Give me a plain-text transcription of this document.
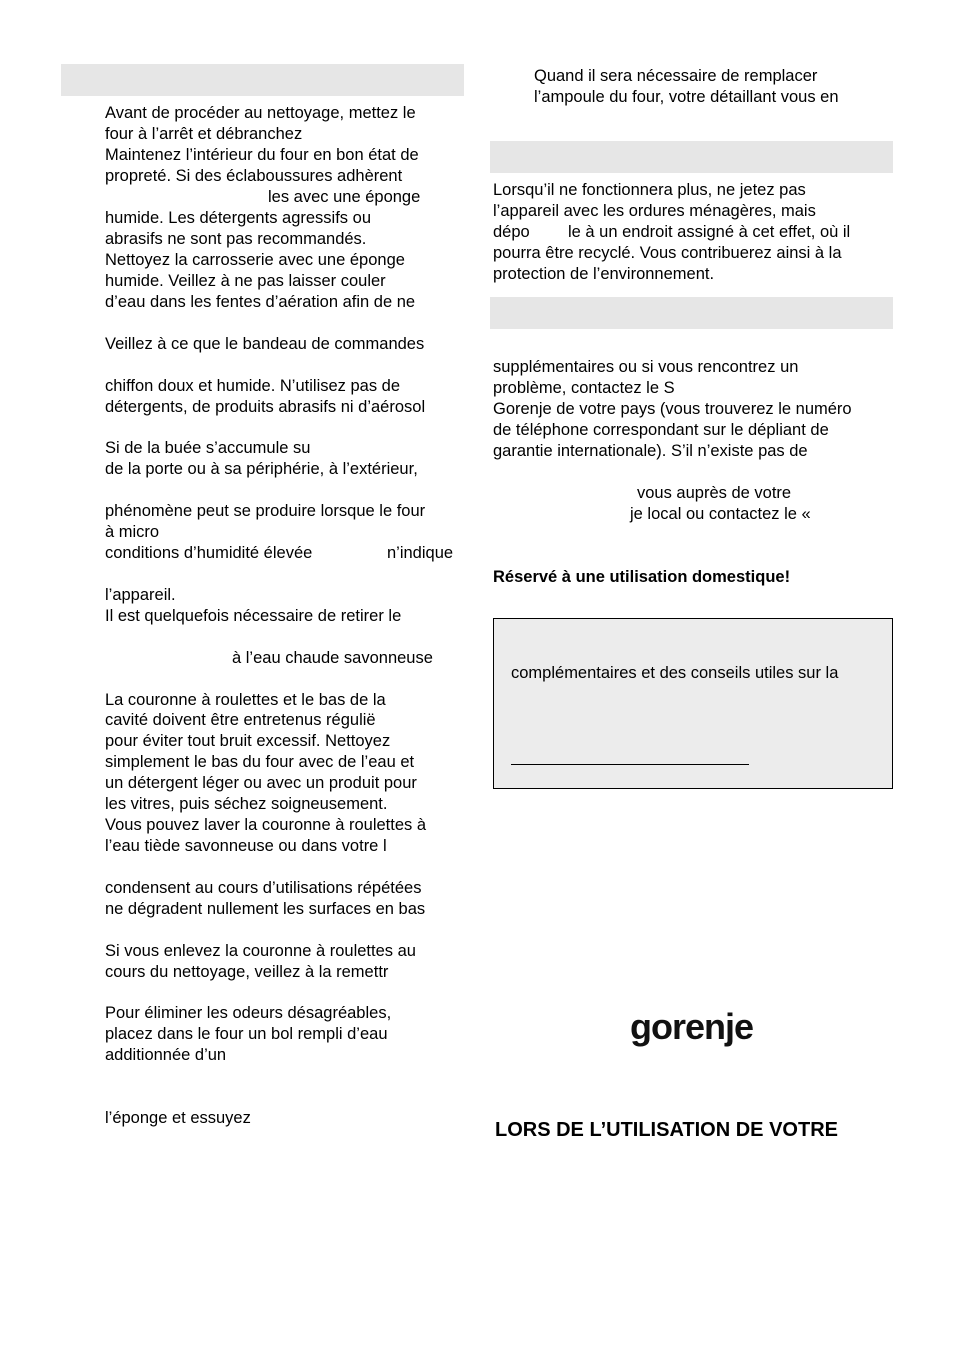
Avant de procéder au nettoyage, mettez le
four à l’arrêt et débranchez
Maintenez l’intérieur du four en bon état de
propreté. Si des éclaboussures adhèrent
les avec une éponge
humide. Les détergents agressifs ou
abrasifs ne sont pas recommandés.
Nettoyez la carrosserie avec une éponge
humide. Veillez à ne pas laisser couler
d’eau dans les fentes d’aération afin de ne
Veillez à ce que le bandeau de commandes
chiffon doux et humide. N’utilisez pas de
détergents, de produits abrasifs ni d’aérosol
Si de la buée s’accumule su
de la porte ou à sa périphérie, à l’extérieur,
phénomène peut se produire lorsque le four
à micro
conditions d’humidité élevée	n’indique
l’appareil.
Il est quelquefois nécessaire de retirer le
à l’eau chaude savonneuse
La couronne à roulettes et le bas de la
cavité doivent être entretenus régulië
pour éviter tout bruit excessif. Nettoyez
simplement le bas du four avec de l’eau et
un détergent léger ou avec un produit pour
les vitres, puis séchez soigneusement.
Vous pouvez laver la couronne à roulettes à
l’eau tiède savonneuse ou dans votre l
condensent au cours d’utilisations répétées
ne dégradent nullement les surfaces en bas
Si vous enlevez la couronne à roulettes au
cours du nettoyage, veillez à la remettr
Pour éliminer les odeurs désagréables,
placez dans le four un bol rempli d’eau
additionnée d’un
l’éponge et essuyez
Quand il sera nécessaire de remplacer
l’ampoule du four, votre détaillant vous en
Lorsqu’il ne fonctionnera plus, ne jetez pas
l’appareil avec les ordures ménagères, mais
dépo le à un endroit assigné à cet effet, où il
pourra être recyclé. Vous contribuerez ainsi à la
protection de l’environnement.
supplémentaires ou si vous rencontrez un
problème, contactez le S
Gorenje de votre pays (vous trouverez le numéro
de téléphone correspondant sur le dépliant de
garantie internationale). S’il n’existe pas de
vous auprès de votre
je local ou contactez le «
Réservé à une utilisation domestique!
complémentaires et des conseils utiles sur la
gorenje
LORS DE L’UTILISATION DE VOTRE
